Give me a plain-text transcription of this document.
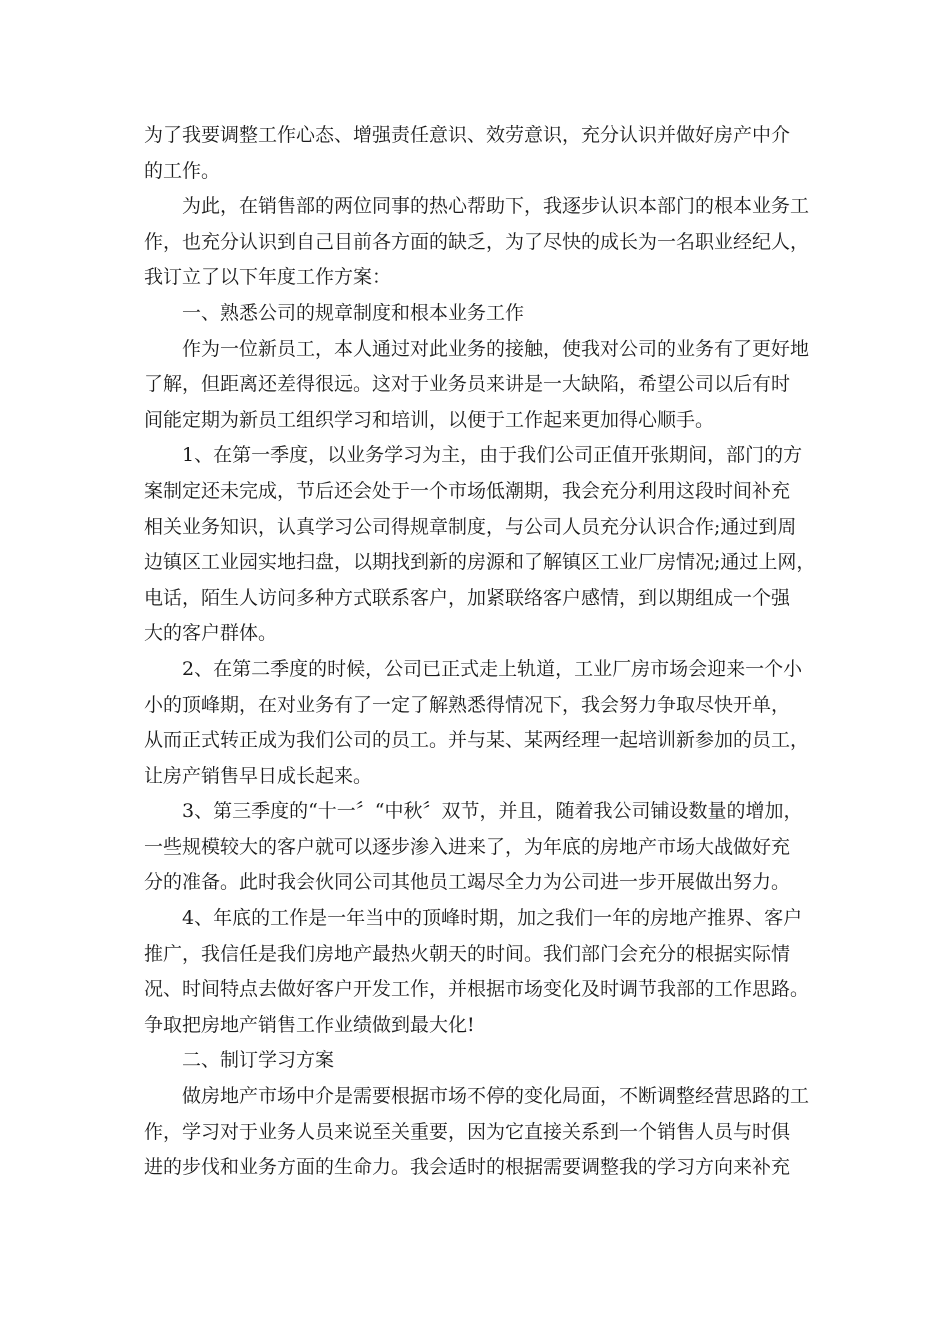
为了我要调整工作心态、增强责任意识、效劳意识，充分认识并做好房产中介
的工作。
　　为此，在销售部的两位同事的热心帮助下，我逐步认识本部门的根本业务工
作，也充分认识到自己目前各方面的缺乏，为了尽快的成长为一名职业经纪人，
我订立了以下年度工作方案：
　　一、熟悉公司的规章制度和根本业务工作
　　作为一位新员工，本人通过对此业务的接触，使我对公司的业务有了更好地
了解，但距离还差得很远。这对于业务员来讲是一大缺陷，希望公司以后有时
间能定期为新员工组织学习和培训，以便于工作起来更加得心顺手。
　　1、在第一季度，以业务学习为主，由于我们公司正值开张期间，部门的方
案制定还未完成，节后还会处于一个市场低潮期，我会充分利用这段时间补充
相关业务知识，认真学习公司得规章制度，与公司人员充分认识合作;通过到周
边镇区工业园实地扫盘，以期找到新的房源和了解镇区工业厂房情况;通过上网，
电话，陌生人访问多种方式联系客户，加紧联络客户感情，到以期组成一个强
大的客户群体。
　　2、在第二季度的时候，公司已正式走上轨道，工业厂房市场会迎来一个小
小的顶峰期，在对业务有了一定了解熟悉得情况下，我会努力争取尽快开单，
从而正式转正成为我们公司的员工。并与某、某两经理一起培训新参加的员工，
让房产销售早日成长起来。
　　3、第三季度的“十一〞“中秋〞双节，并且，随着我公司铺设数量的增加，
一些规模较大的客户就可以逐步渗入进来了，为年底的房地产市场大战做好充
分的准备。此时我会伙同公司其他员工竭尽全力为公司进一步开展做出努力。
　　4、年底的工作是一年当中的顶峰时期，加之我们一年的房地产推界、客户
推广，我信任是我们房地产最热火朝天的时间。我们部门会充分的根据实际情
况、时间特点去做好客户开发工作，并根据市场变化及时调节我部的工作思路。
争取把房地产销售工作业绩做到最大化!
　　二、制订学习方案
　　做房地产市场中介是需要根据市场不停的变化局面，不断调整经营思路的工
作，学习对于业务人员来说至关重要，因为它直接关系到一个销售人员与时俱
进的步伐和业务方面的生命力。我会适时的根据需要调整我的学习方向来补充
